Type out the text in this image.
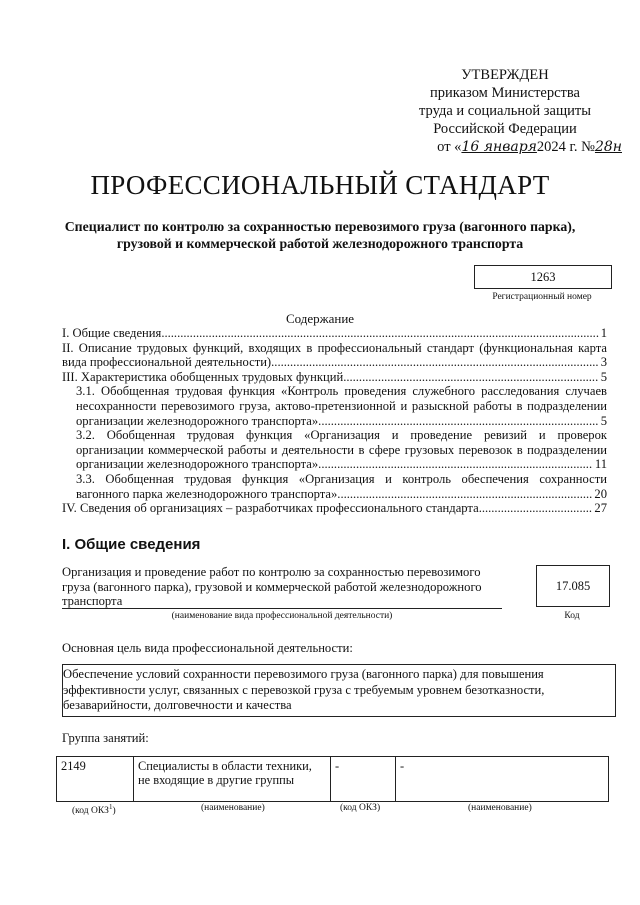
УТВЕРЖДЕН
приказом Министерства
труда и социальной защиты
Российской Федерации
от «16 января2024 г. №28н
ПРОФЕССИОНАЛЬНЫЙ СТАНДАРТ
Специалист по контролю за сохранностью перевозимого груза (вагонного парка), грузовой и коммерческой работой железнодорожного транспорта
1263
Регистрационный номер
Содержание
I. Общие сведения .....	1
II. Описание трудовых функций, входящих в профессиональный стандарт (функциональная карта
вида профессиональной деятельности) .....	3
III. Характеристика обобщенных трудовых функций .....	5
3.1. Обобщенная трудовая функция «Контроль проведения служебного расследования случаев
несохранности перевозимого груза, актово-претензионной и разыскной работы в подразделении
организации железнодорожного транспорта» .....	5
3.2. Обобщенная трудовая функция «Организация и проведение ревизий и проверок
организации коммерческой работы и деятельности в сфере грузовых перевозок в подразделении
организации железнодорожного транспорта» .....	11
3.3. Обобщенная трудовая функция «Организация и контроль обеспечения сохранности
вагонного парка железнодорожного транспорта» .....	20
IV. Сведения об организациях – разработчиках профессионального стандарта .....	27
I. Общие сведения
Организация и проведение работ по контролю за сохранностью перевозимого груза (вагонного парка), грузовой и коммерческой работой железнодорожного транспорта
(наименование вида профессиональной деятельности)
17.085
Код
Основная цель вида профессиональной деятельности:
Обеспечение условий сохранности перевозимого груза (вагонного парка) для повышения эффективности услуг, связанных с перевозкой груза с требуемым уровнем безотказности, безаварийности, долговечности и качества
Группа занятий:
2149	Специалисты в области техники, не входящие в другие группы	-	-
(код ОКЗ$^1$)	(наименование)	(код ОКЗ)	(наименование)
